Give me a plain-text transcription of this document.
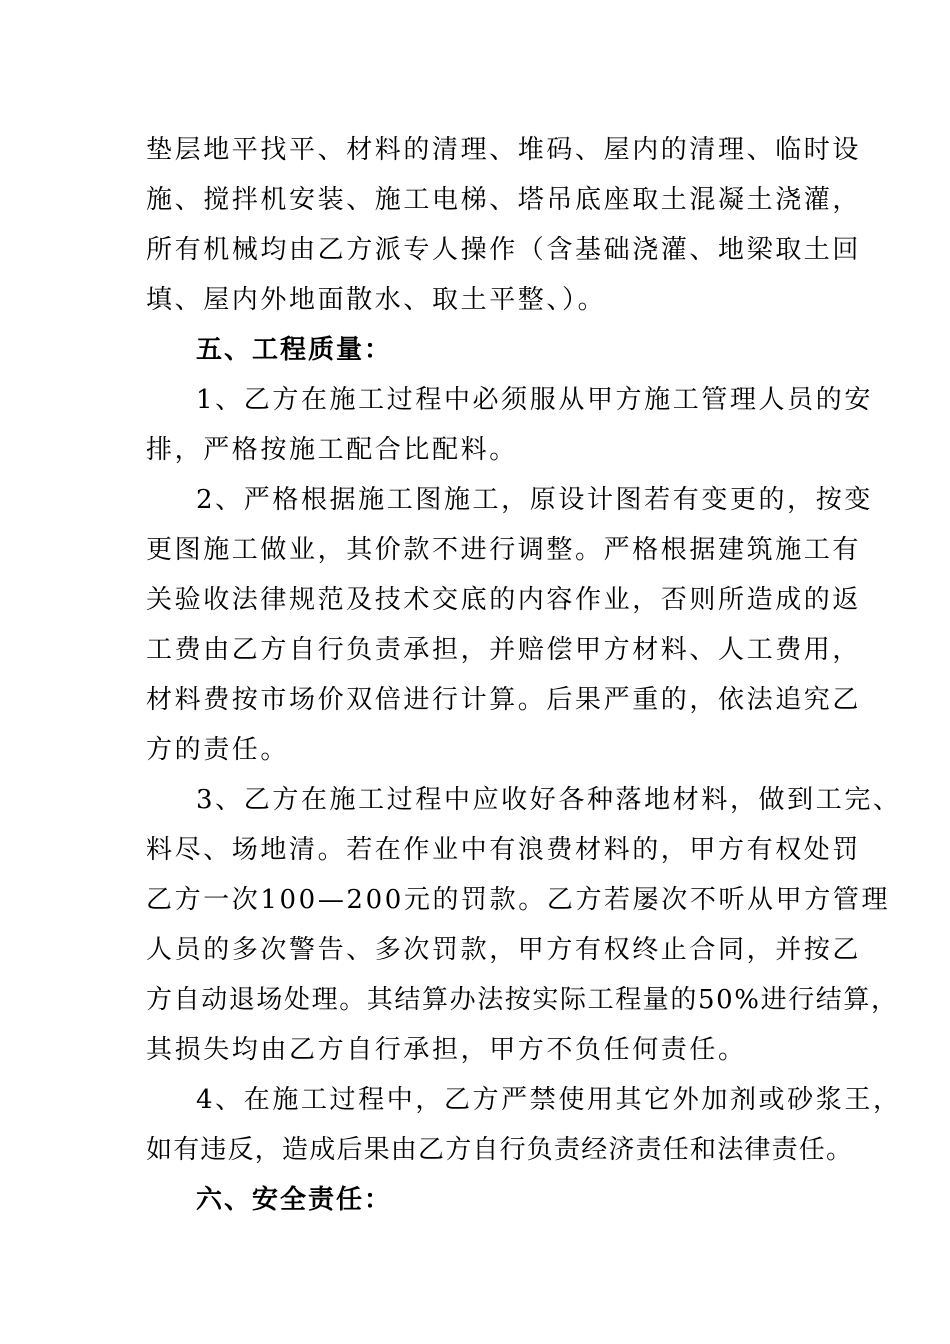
垫层地平找平、材料的清理、堆码、屋内的清理、临时设
施、搅拌机安装、施工电梯、塔吊底座取土混凝土浇灌，
所有机械均由乙方派专人操作（含基础浇灌、地梁取土回
填、屋内外地面散水、取土平整、）。
五、工程质量：
1、乙方在施工过程中必须服从甲方施工管理人员的安
排，严格按施工配合比配料。
2、严格根据施工图施工，原设计图若有变更的，按变
更图施工做业，其价款不进行调整。严格根据建筑施工有
关验收法律规范及技术交底的内容作业，否则所造成的返
工费由乙方自行负责承担，并赔偿甲方材料、人工费用，
材料费按市场价双倍进行计算。后果严重的，依法追究乙
方的责任。
3、乙方在施工过程中应收好各种落地材料，做到工完、
料尽、场地清。若在作业中有浪费材料的，甲方有权处罚
乙方一次100—200元的罚款。乙方若屡次不听从甲方管理
人员的多次警告、多次罚款，甲方有权终止合同，并按乙
方自动退场处理。其结算办法按实际工程量的50%进行结算，
其损失均由乙方自行承担，甲方不负任何责任。
4、在施工过程中，乙方严禁使用其它外加剂或砂浆王，
如有违反，造成后果由乙方自行负责经济责任和法律责任。
六、安全责任：
